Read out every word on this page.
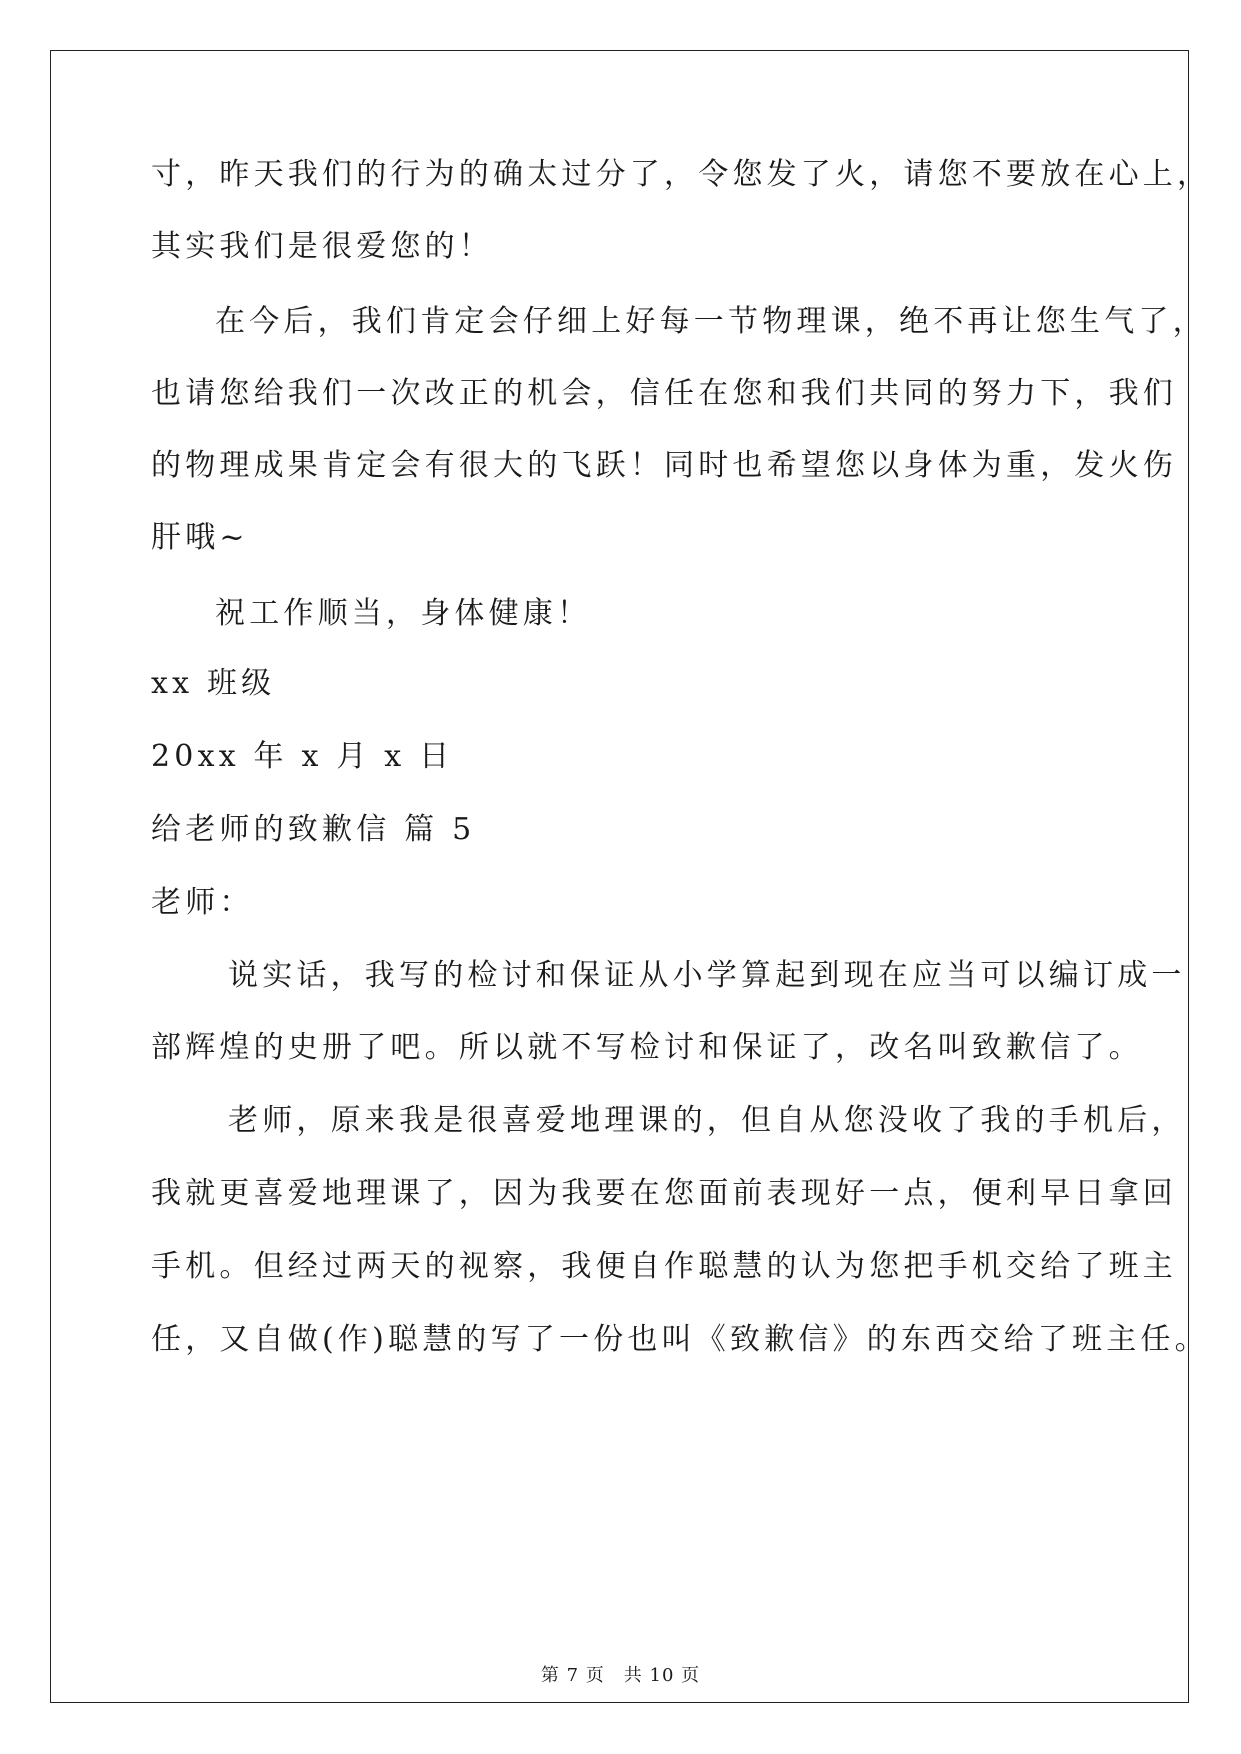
寸，昨天我们的行为的确太过分了，令您发了火，请您不要放在心上，
其实我们是很爱您的！
在今后，我们肯定会仔细上好每一节物理课，绝不再让您生气了，
也请您给我们一次改正的机会，信任在您和我们共同的努力下，我们
的物理成果肯定会有很大的飞跃！同时也希望您以身体为重，发火伤
肝哦~
祝工作顺当，身体健康！
xx 班级
20xx 年 x 月 x 日
给老师的致歉信 篇 5
老师：
说实话，我写的检讨和保证从小学算起到现在应当可以编订成一
部辉煌的史册了吧。所以就不写检讨和保证了，改名叫致歉信了。
老师，原来我是很喜爱地理课的，但自从您没收了我的手机后，
我就更喜爱地理课了，因为我要在您面前表现好一点，便利早日拿回
手机。但经过两天的视察，我便自作聪慧的认为您把手机交给了班主
任，又自做(作)聪慧的写了一份也叫《致歉信》的东西交给了班主任。
第 7 页　共 10 页
